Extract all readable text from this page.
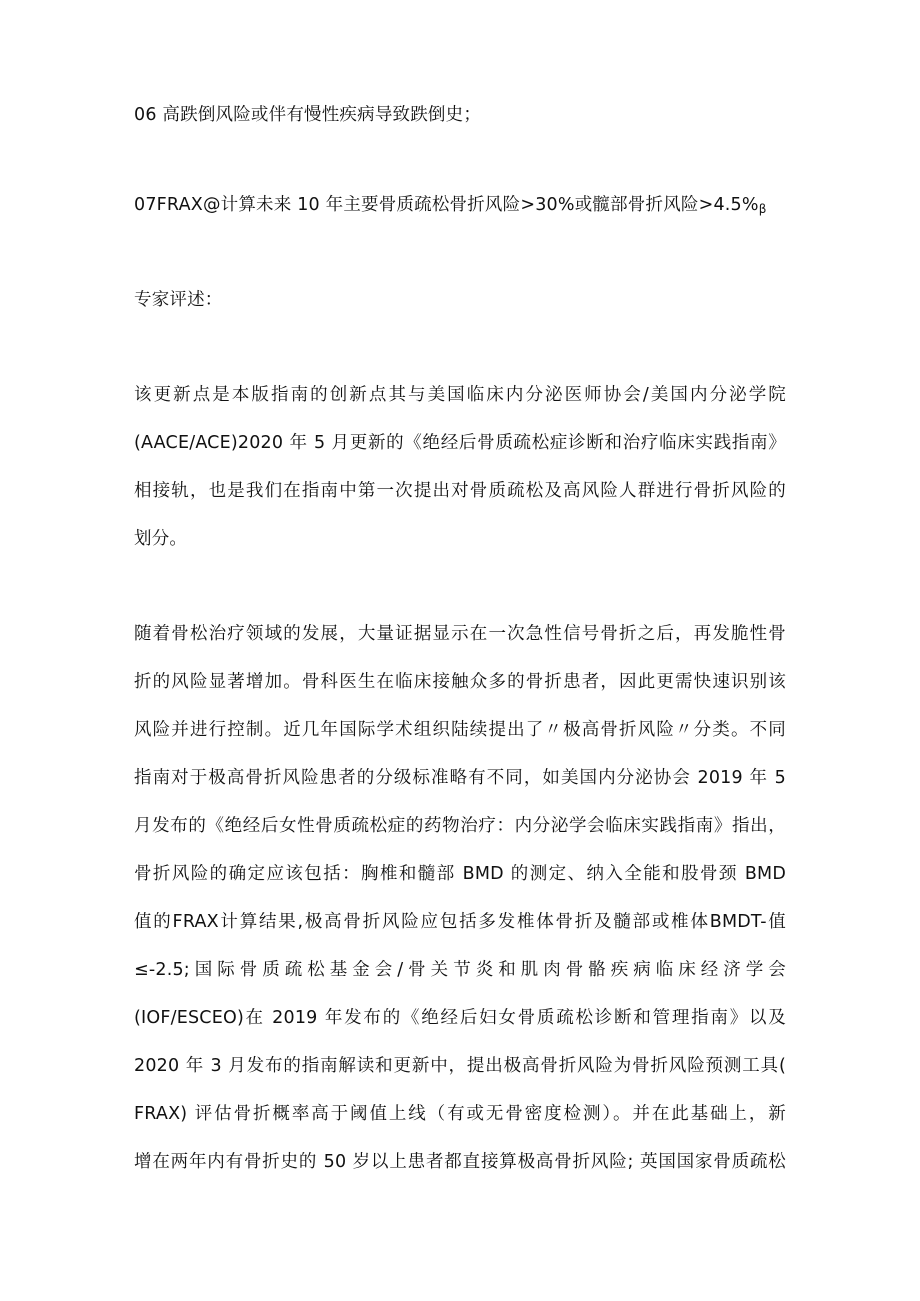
06 高跌倒风险或伴有慢性疾病导致跌倒史；
07FRAX@计算未来 10 年主要骨质疏松骨折风险>30%或髋部骨折风险$>4.5\%_\beta$
专家评述：
该更新点是本版指南的创新点其与美国临床内分泌医师协会/美国内分泌学院
(AACE/ACE)2020 年 5 月更新的《绝经后骨质疏松症诊断和治疗临床实践指南》
相接轨，也是我们在指南中第一次提出对骨质疏松及高风险人群进行骨折风险的
划分。
随着骨松治疗领域的发展，大量证据显示在一次急性信号骨折之后，再发脆性骨
折的风险显著增加。骨科医生在临床接触众多的骨折患者，因此更需快速识别该
风险并进行控制。近几年国际学术组织陆续提出了〃极高骨折风险〃分类。不同
指南对于极高骨折风险患者的分级标准略有不同，如美国内分泌协会 2019 年 5
月发布的《绝经后女性骨质疏松症的药物治疗：内分泌学会临床实践指南》指出，
骨折风险的确定应该包括：胸椎和髓部 BMD 的测定、纳入全能和股骨颈 BMD
值的FRAX计算结果,极高骨折风险应包括多发椎体骨折及髓部或椎体BMDT-值
≤-2.5;国际骨质疏松基金会/骨关节炎和肌肉骨骼疾病临床经济学会
(IOF/ESCEO)在 2019 年发布的《绝经后妇女骨质疏松诊断和管理指南》以及
2020 年 3 月发布的指南解读和更新中，提出极高骨折风险为骨折风险预测工具(
FRAX) 评估骨折概率高于阈值上线（有或无骨密度检测）。并在此基础上，新
增在两年内有骨折史的 50 岁以上患者都直接算极高骨折风险; 英国国家骨质疏松
